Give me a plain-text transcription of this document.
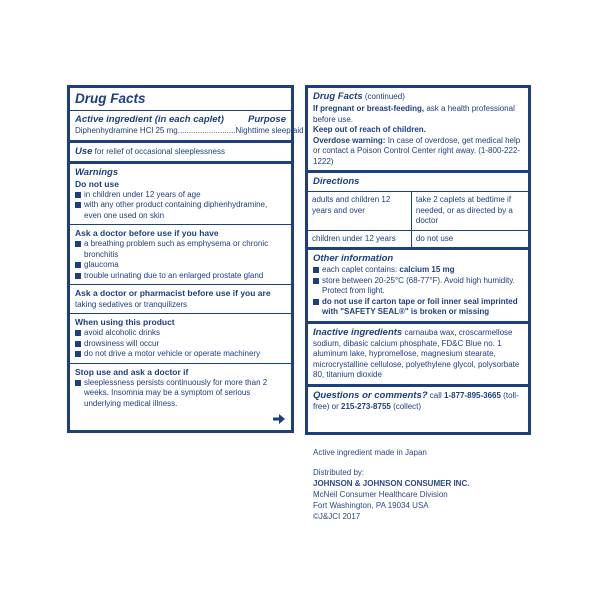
Drug Facts
Active ingredient (in each caplet)	Purpose
Diphenhydramine HCl 25 mg..........................Nighttime sleep aid
Use for relief of occasional sleeplessness
Warnings
Do not use
in children under 12 years of age
with any other product containing diphenhydramine, even one used on skin
Ask a doctor before use if you have
a breathing problem such as emphysema or chronic bronchitis
glaucoma
trouble urinating due to an enlarged prostate gland
Ask a doctor or pharmacist before use if you are taking sedatives or tranquilizers
When using this product
avoid alcoholic drinks
drowsiness will occur
do not drive a motor vehicle or operate machinery
Stop use and ask a doctor if
sleeplessness persists continuously for more than 2 weeks. Insomnia may be a symptom of serious underlying medical illness.
Drug Facts (continued)
If pregnant or breast-feeding, ask a health professional before use.
Keep out of reach of children.
Overdose warning: In case of overdose, get medical help or contact a Poison Control Center right away. (1-800-222-1222)
Directions
adults and children 12 years and over	take 2 caplets at bedtime if needed, or as directed by a doctor
children under 12 years	do not use
Other information
each caplet contains: calcium 15 mg
store between 20-25°C (68-77°F). Avoid high humidity. Protect from light.
do not use if carton tape or foil inner seal imprinted with "SAFETY SEAL®" is broken or missing
Inactive ingredients carnauba wax, croscarmellose sodium, dibasic calcium phosphate, FD&C Blue no. 1 aluminum lake, hypromellose, magnesium stearate, microcrystalline cellulose, polyethylene glycol, polysorbate 80, titanium dioxide
Questions or comments? call 1-877-895-3665 (toll-free) or 215-273-8755 (collect)
Active ingredient made in Japan
Distributed by:
JOHNSON & JOHNSON CONSUMER INC.
McNeil Consumer Healthcare Division
Fort Washington, PA 19034 USA
©J&JCI 2017
